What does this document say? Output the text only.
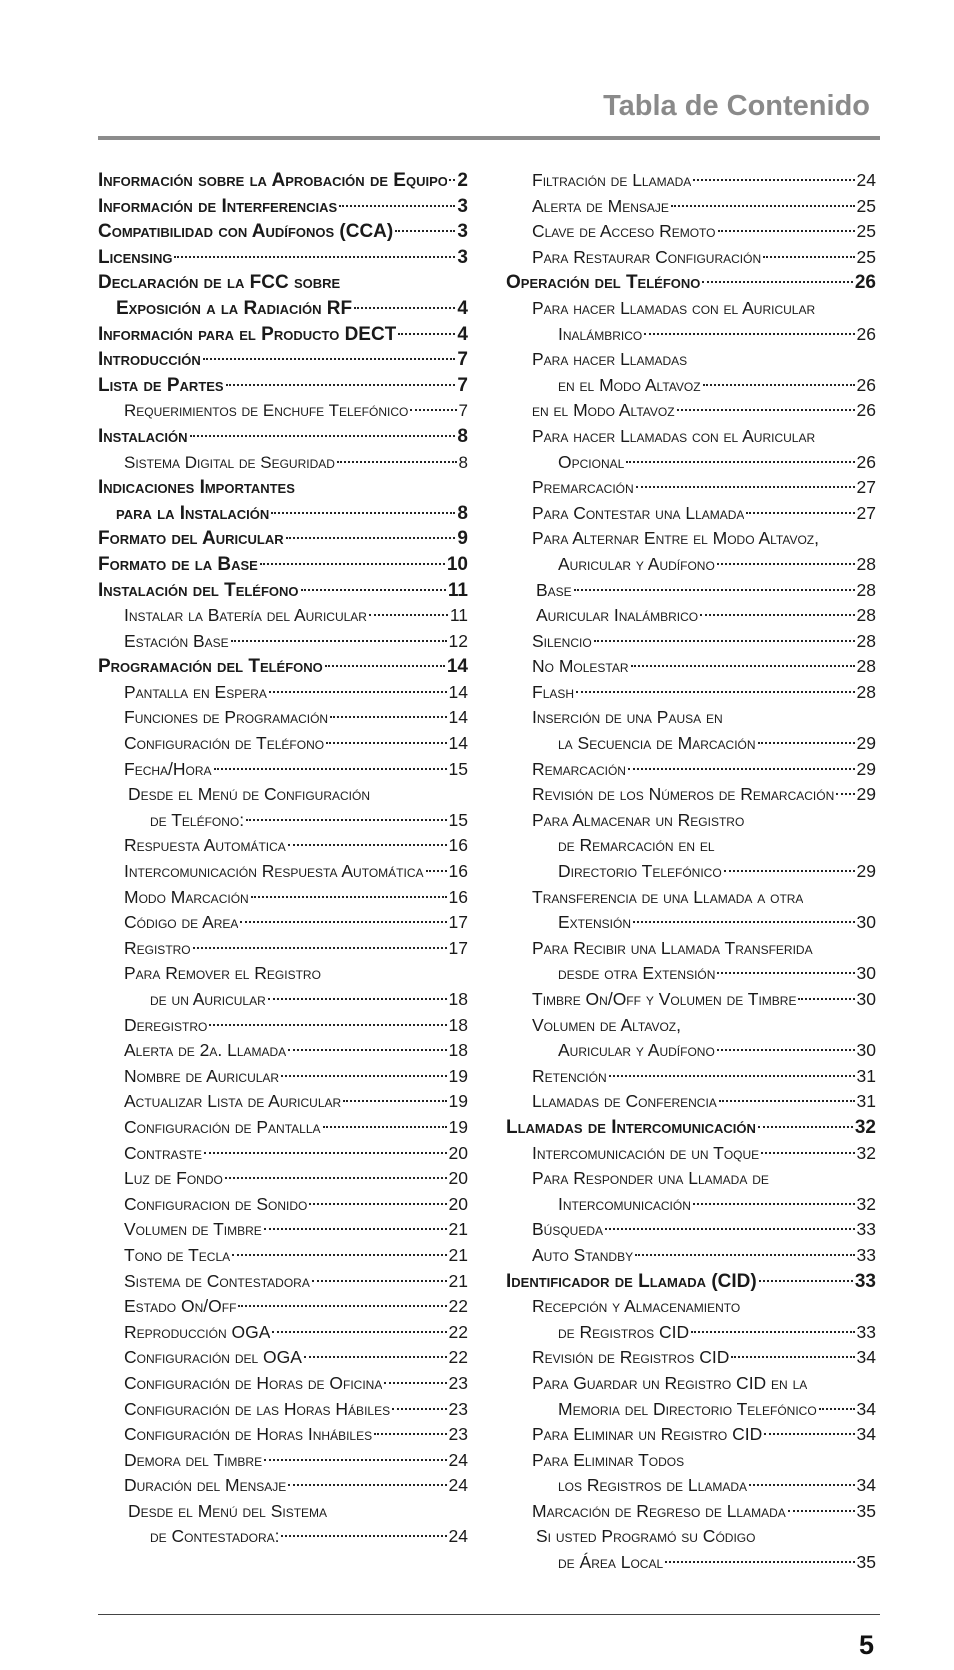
Tabla de Contenido
Información sobre la Aprobación de Equipo 2
Información de Interferencias	3
Compatibilidad con Audífonos (CCA)	3
Licensing	3
Declaración de la FCC sobre
Exposición a la Radiación RF	4
Información para el Producto DECT	4
Introducción	7
Lista de Partes	7
Requerimientos de Enchufe Telefónico	7
Instalación	8
Sistema Digital de Seguridad	8
Indicaciones Importantes
para la Instalación	8
Formato del Auricular	9
Formato de la Base	10
Instalación del Teléfono	11
Instalar la Batería del Auricular	11
Estación Base	12
Programación del Teléfono	14
Pantalla en Espera	14
Funciones de Programación	14
Configuración de Teléfono	14
Fecha/Hora	15
Desde el Menú de Configuración
de Teléfono:	15
Respuesta Automática	16
Intercomunicación Respuesta Automática 16
Modo Marcación	16
Código de Area	17
Registro	17
Para Remover el Registro
de un Auricular	18
Deregistro	18
Alerta de 2a. Llamada	18
Nombre de Auricular	19
Actualizar Lista de Auricular	19
Configuración de Pantalla	19
Contraste	20
Luz de Fondo	20
Configuracion de Sonido	20
Volumen de Timbre	21
Tono de Tecla	21
Sistema de Contestadora	21
Estado On/Off	22
Reproducción OGA	22
Configuración del OGA	22
Configuración de Horas de Oficina	23
Configuración de las Horas Hábiles	23
Configuración de Horas Inhábiles	23
Demora del Timbre	24
Duración del Mensaje	24
Desde el Menú del Sistema
de Contestadora:	24
Filtración de Llamada	24
Alerta de Mensaje	25
Clave de Acceso Remoto	25
Para Restaurar Configuración	25
Operación del Teléfono	26
Para hacer Llamadas con el Auricular
Inalámbrico	26
Para hacer Llamadas
en el Modo Altavoz	26
en el Modo Altavoz	26
Para hacer Llamadas con el Auricular
Opcional	26
Premarcación	27
Para Contestar una Llamada	27
Para Alternar Entre el Modo Altavoz,
Auricular y Audífono	28
Base	28
Auricular Inalámbrico	28
Silencio	28
No Molestar	28
Flash	28
Inserción de una Pausa en
la Secuencia de Marcación	29
Remarcación	29
Revisión de los Números de Remarcación 29
Para Almacenar un Registro
de Remarcación en el
Directorio Telefónico	29
Transferencia de una Llamada a otra
Extensión	30
Para Recibir una Llamada Transferida
desde otra Extensión	30
Timbre On/Off y Volumen de Timbre	30
Volumen de Altavoz,
Auricular y Audífono	30
Retención	31
Llamadas de Conferencia	31
Llamadas de Intercomunicación	32
Intercomunicación de un Toque	32
Para Responder una Llamada de
Intercomunicación	32
Búsqueda	33
Auto Standby	33
Identificador de Llamada (CID)	33
Recepción y Almacenamiento
de Registros CID	33
Revisión de Registros CID	34
Para Guardar un Registro CID en la
Memoria del Directorio Telefónico 34
Para Eliminar un Registro CID	34
Para Eliminar Todos
los Registros de Llamada	34
Marcación de Regreso de Llamada	35
Si usted Programó su Código
de Área Local	35
5
